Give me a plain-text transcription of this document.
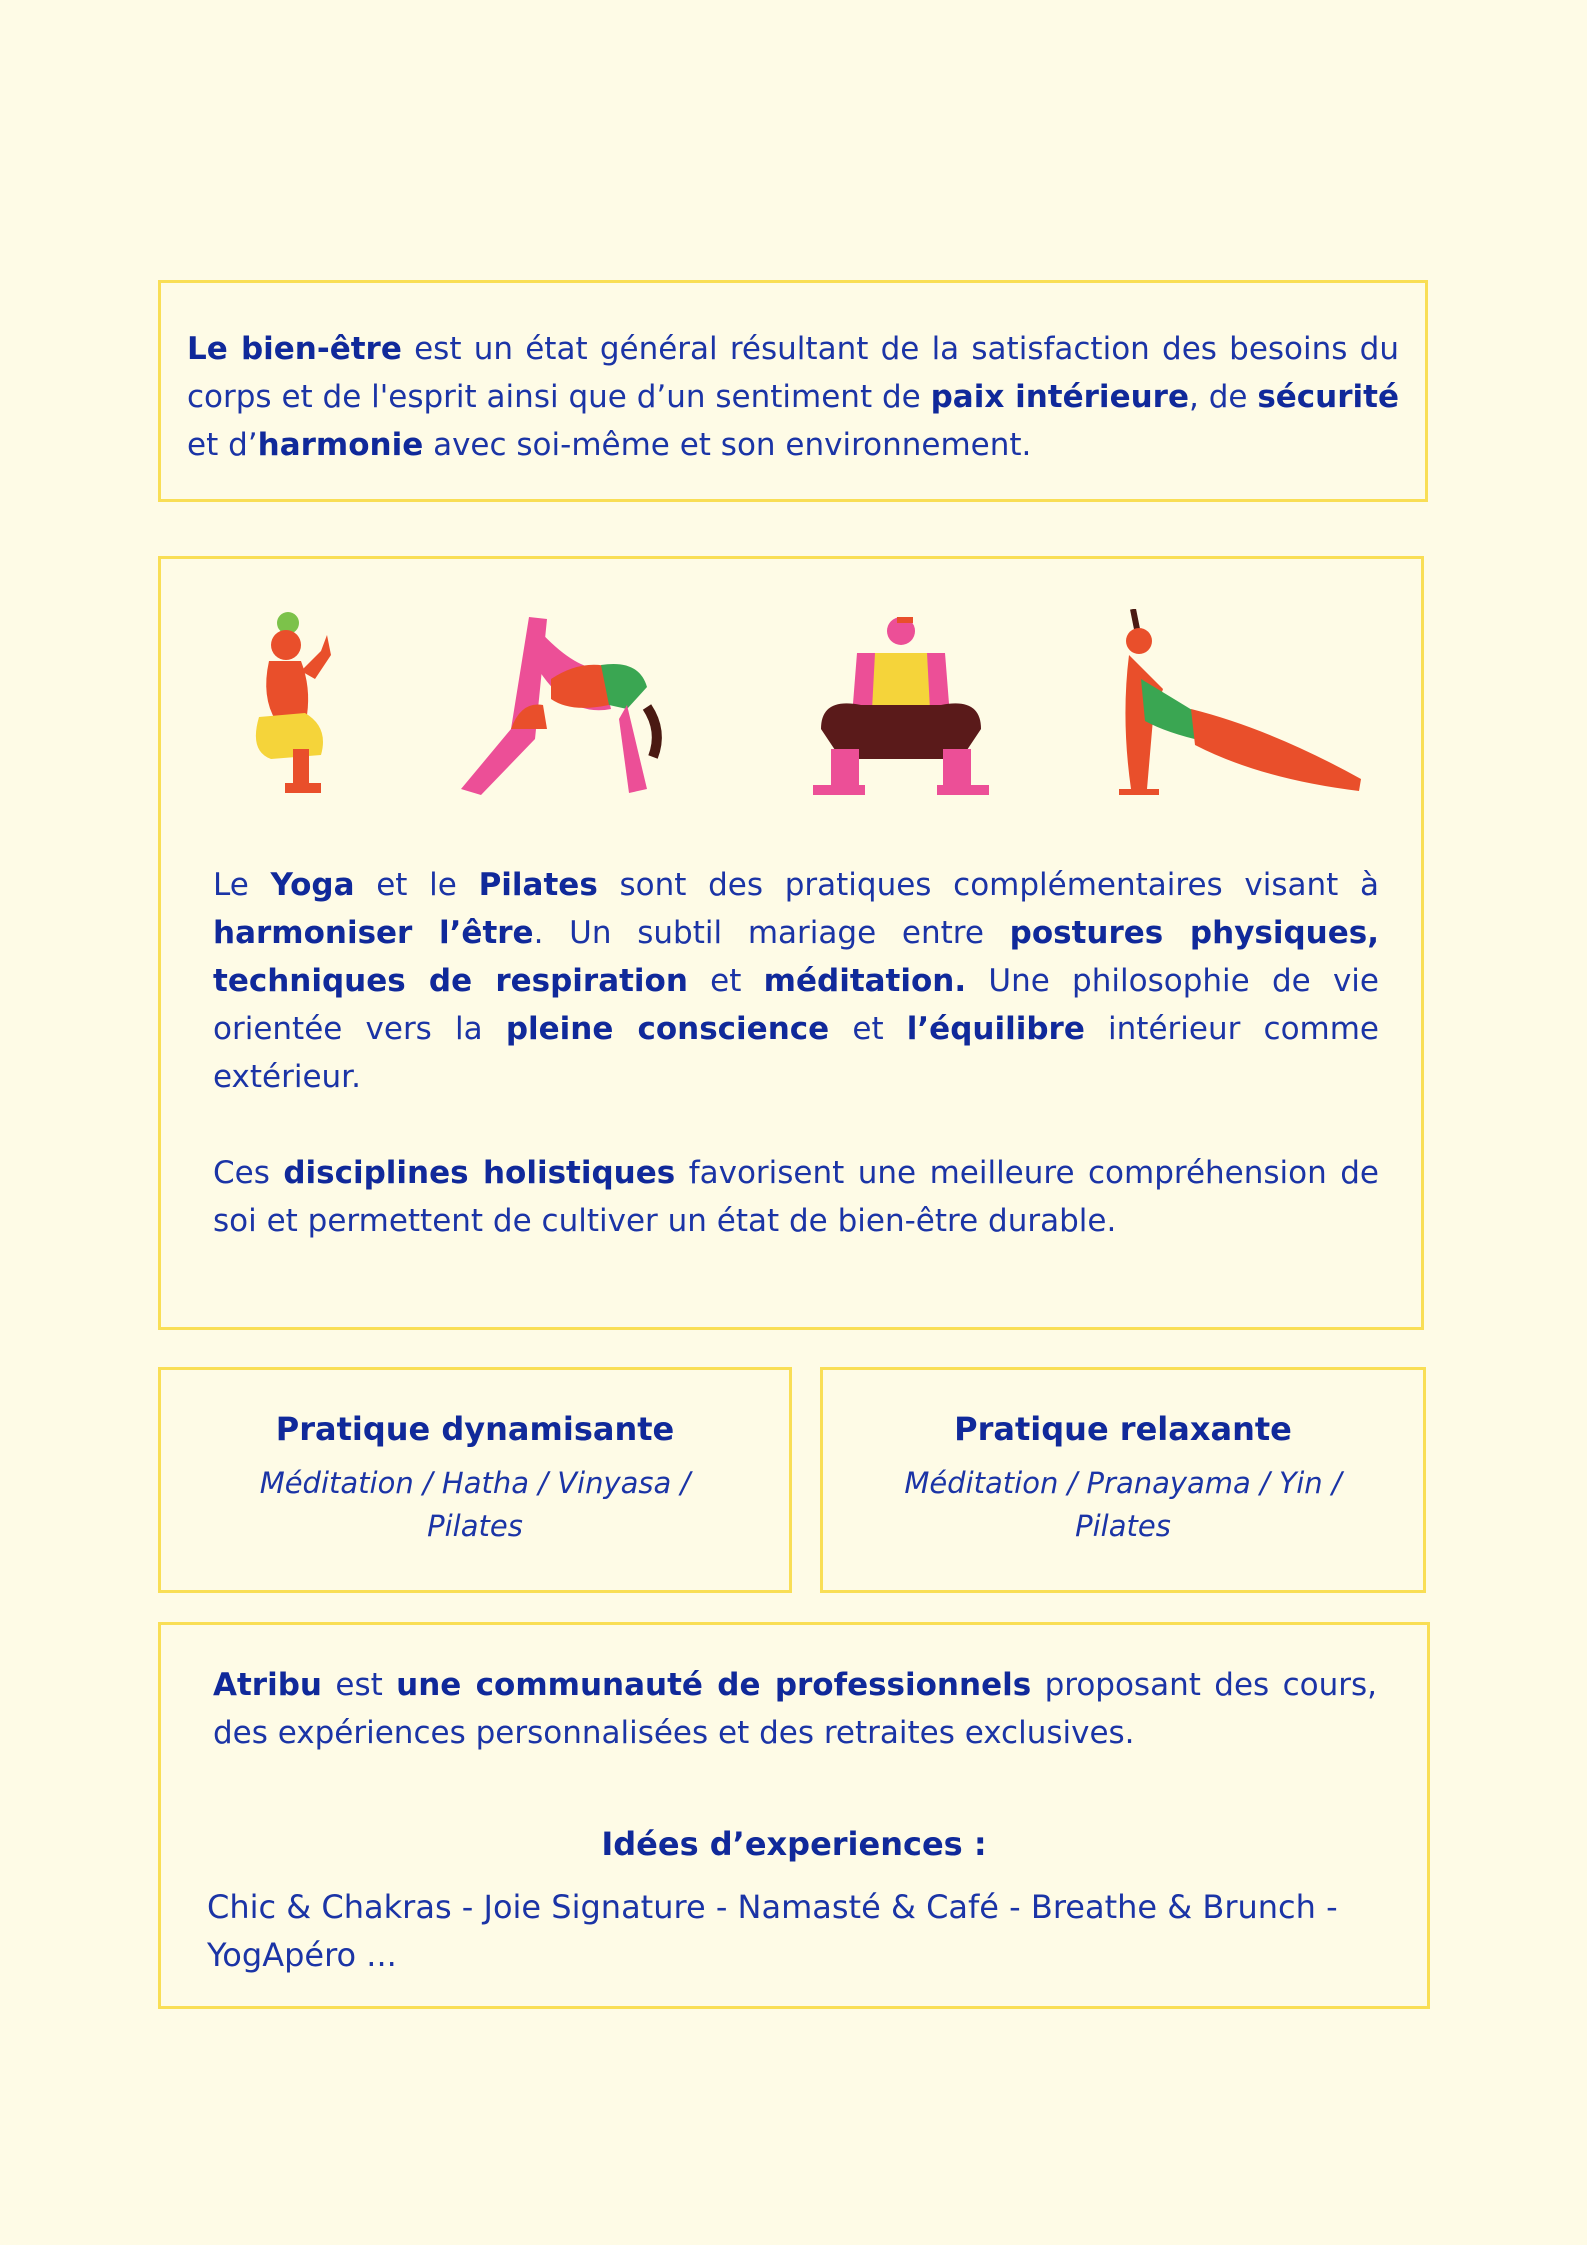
Le bien-être est un état général résultant de la satisfaction des besoins du corps et de l'esprit ainsi que d’un sentiment de paix intérieure, de sécurité et d’harmonie avec soi-même et son environnement.

Le Yoga et le Pilates sont des pratiques complémentaires visant à harmoniser l’être. Un subtil mariage entre postures physiques, techniques de respiration et méditation. Une philosophie de vie orientée vers la pleine conscience et l’équilibre intérieur comme extérieur.

Ces disciplines holistiques favorisent une meilleure compréhension de soi et permettent de cultiver un état de bien-être durable.

Pratique dynamisante
Méditation / Hatha / Vinyasa / Pilates
Pratique relaxante
Méditation / Pranayama / Yin / Pilates

Atribu est une communauté de professionnels proposant des cours, des expériences personnalisées et des retraites exclusives.

Idées d’experiences :
Chic & Chakras - Joie Signature - Namasté & Café - Breathe & Brunch - YogApéro ...
